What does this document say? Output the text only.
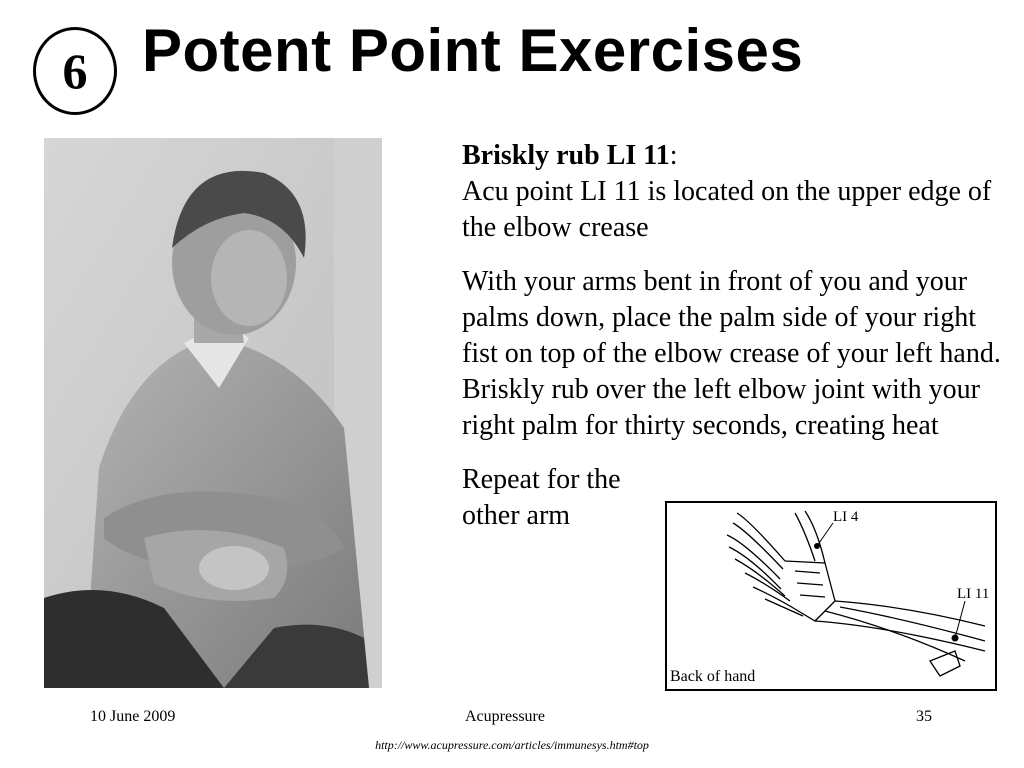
6 Potent Point Exercises

Briskly rub LI 11:
Acu point LI 11 is located on the upper edge of the elbow crease

With your arms bent in front of you and your palms down, place the palm side of your right fist on top of the elbow crease of your left hand. Briskly rub over the left elbow joint with your right palm for thirty seconds, creating heat

Repeat for the
other arm	LI 4
LI 11
Back of hand
10 June 2009	Acupressure	35
http://www.acupressure.com/articles/immunesys.htm#top
